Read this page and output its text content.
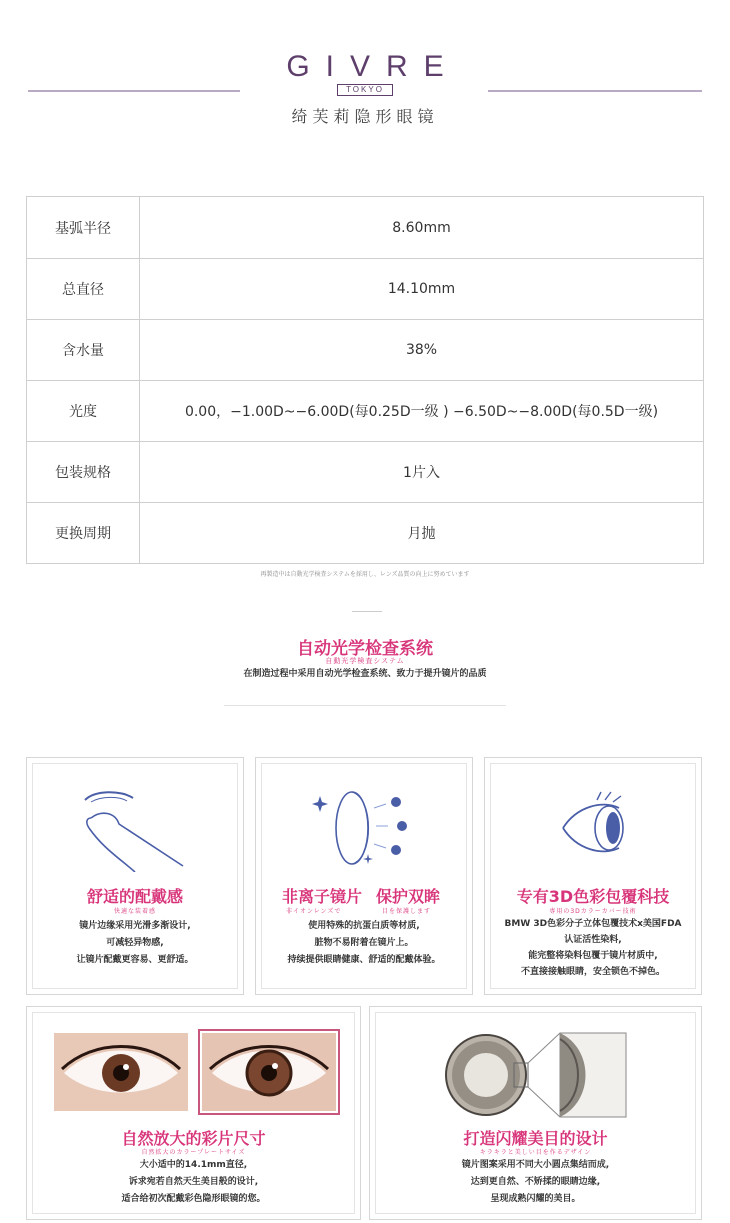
GIVRE
TOKYO
绮芙莉隐形眼镜
基弧半径	8.60mm
总直径	14.10mm
含水量	38%
光度	0.00，−1.00D~−6.00D(每0.25D一级 ) −6.50D~−8.00D(每0.5D一级)
包装规格	1片入
更换周期	月抛
再製造中は自動光学検査システムを採用し、レンズ品質の向上に努めています
自动光学检查系统
自動光学検査システム
在制造过程中采用自动光学检查系统、致力于提升镜片的品质
舒适的配戴感
快適な装着感
镜片边缘采用光滑多渐设计,
可减轻异物感,
让镜片配戴更容易、更舒适。
非离子镜片 保护双眸
非イオンレンズで	目を保護します
使用特殊的抗蛋白质等材质,
脏物不易附着在镜片上。
持续提供眼睛健康、舒适的配戴体验。
专有3D色彩包覆科技
専用の3Dカラーカバー技術
BMW 3D色彩分子立体包覆技术x美国FDA
认证活性染料,
能完整将染料包覆于镜片材质中,
不直接接触眼睛，安全锁色不掉色。
自然放大的彩片尺寸
自然拡大のカラープレートサイズ
大小适中的14.1mm直径,
诉求宛若自然天生美目般的设计,
适合给初次配戴彩色隐形眼镜的您。
打造闪耀美目的设计
キラキラと美しい目を作るデザイン
镜片图案采用不同大小圆点集结而成,
达到更自然、不矫揉的眼睛边缘,
呈现成熟闪耀的美目。
